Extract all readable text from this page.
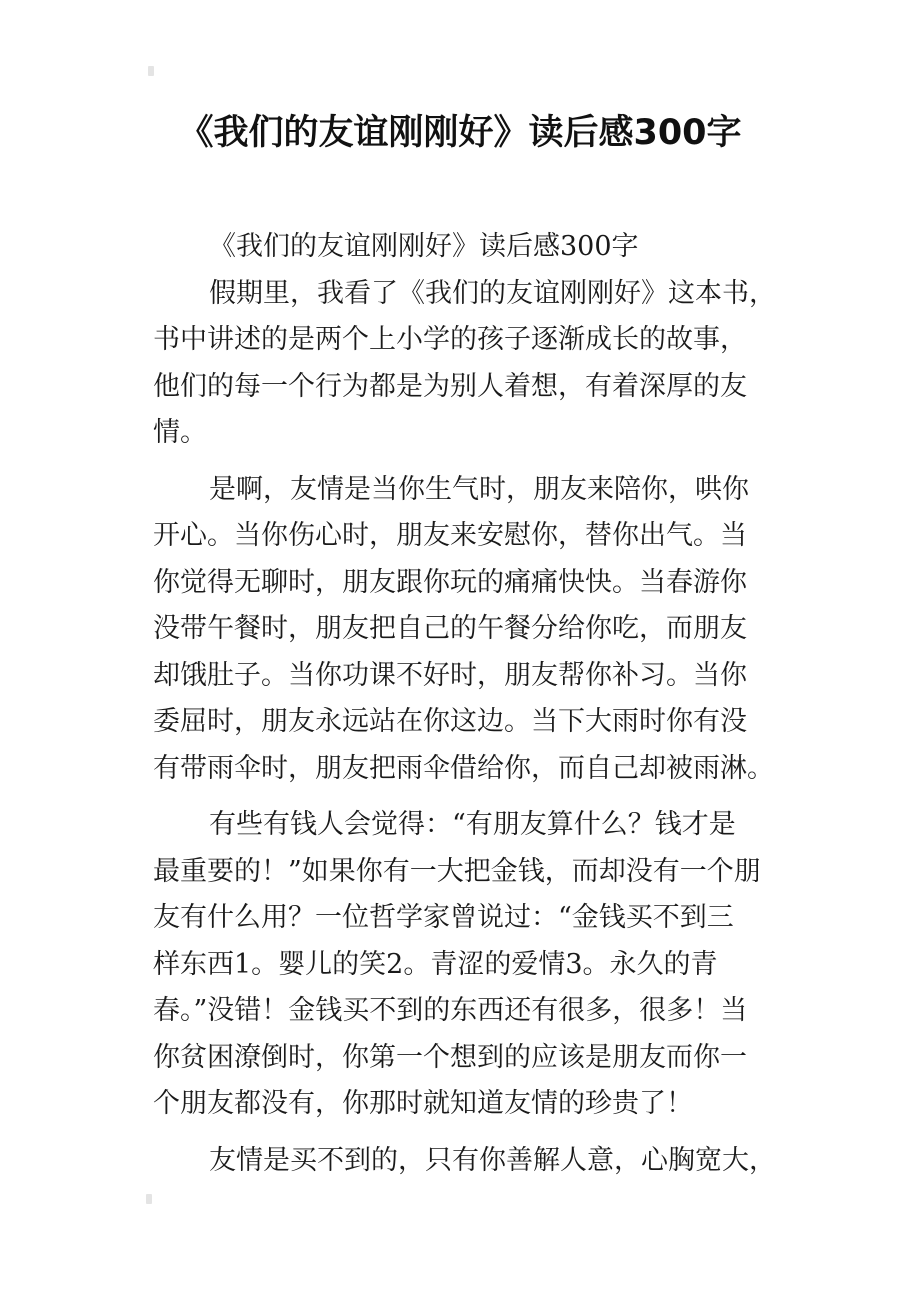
《我们的友谊刚刚好》读后感300字
《我们的友谊刚刚好》读后感300字
假期里，我看了《我们的友谊刚刚好》这本书，
书中讲述的是两个上小学的孩子逐渐成长的故事，
他们的每一个行为都是为别人着想，有着深厚的友
情。
是啊，友情是当你生气时，朋友来陪你，哄你
开心。当你伤心时，朋友来安慰你，替你出气。当
你觉得无聊时，朋友跟你玩的痛痛快快。当春游你
没带午餐时，朋友把自己的午餐分给你吃，而朋友
却饿肚子。当你功课不好时，朋友帮你补习。当你
委屈时，朋友永远站在你这边。当下大雨时你有没
有带雨伞时，朋友把雨伞借给你，而自己却被雨淋。
有些有钱人会觉得：“有朋友算什么？钱才是
最重要的！”如果你有一大把金钱，而却没有一个朋
友有什么用？一位哲学家曾说过：“金钱买不到三
样东西1。婴儿的笑2。青涩的爱情3。永久的青
春。”没错！金钱买不到的东西还有很多，很多！当
你贫困潦倒时，你第一个想到的应该是朋友而你一
个朋友都没有，你那时就知道友情的珍贵了！
友情是买不到的，只有你善解人意，心胸宽大，
